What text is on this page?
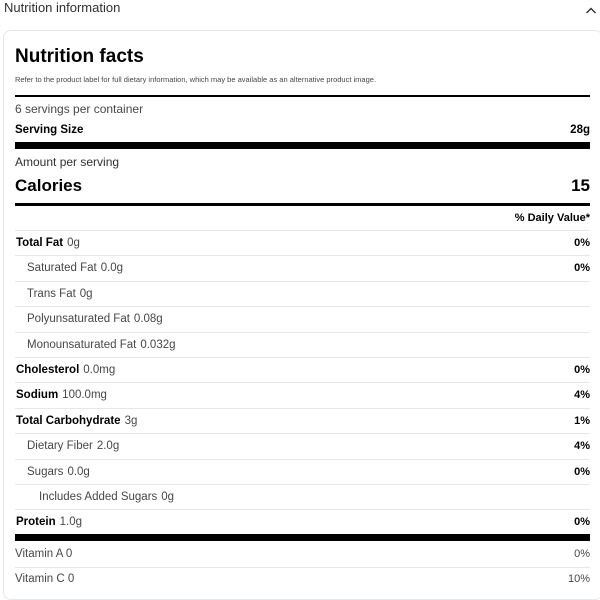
Nutrition information
Nutrition facts
Refer to the product label for full dietary information, which may be available as an alternative product image.
6 servings per container
Serving Size	28g
Amount per serving
Calories	15
% Daily Value*
Total Fat 0g	0%
Saturated Fat 0.0g	0%
Trans Fat 0g
Polyunsaturated Fat 0.08g
Monounsaturated Fat 0.032g
Cholesterol 0.0mg	0%
Sodium 100.0mg	4%
Total Carbohydrate 3g	1%
Dietary Fiber 2.0g	4%
Sugars 0.0g	0%
Includes Added Sugars 0g
Protein 1.0g	0%
Vitamin A 0	0%
Vitamin C 0	10%
